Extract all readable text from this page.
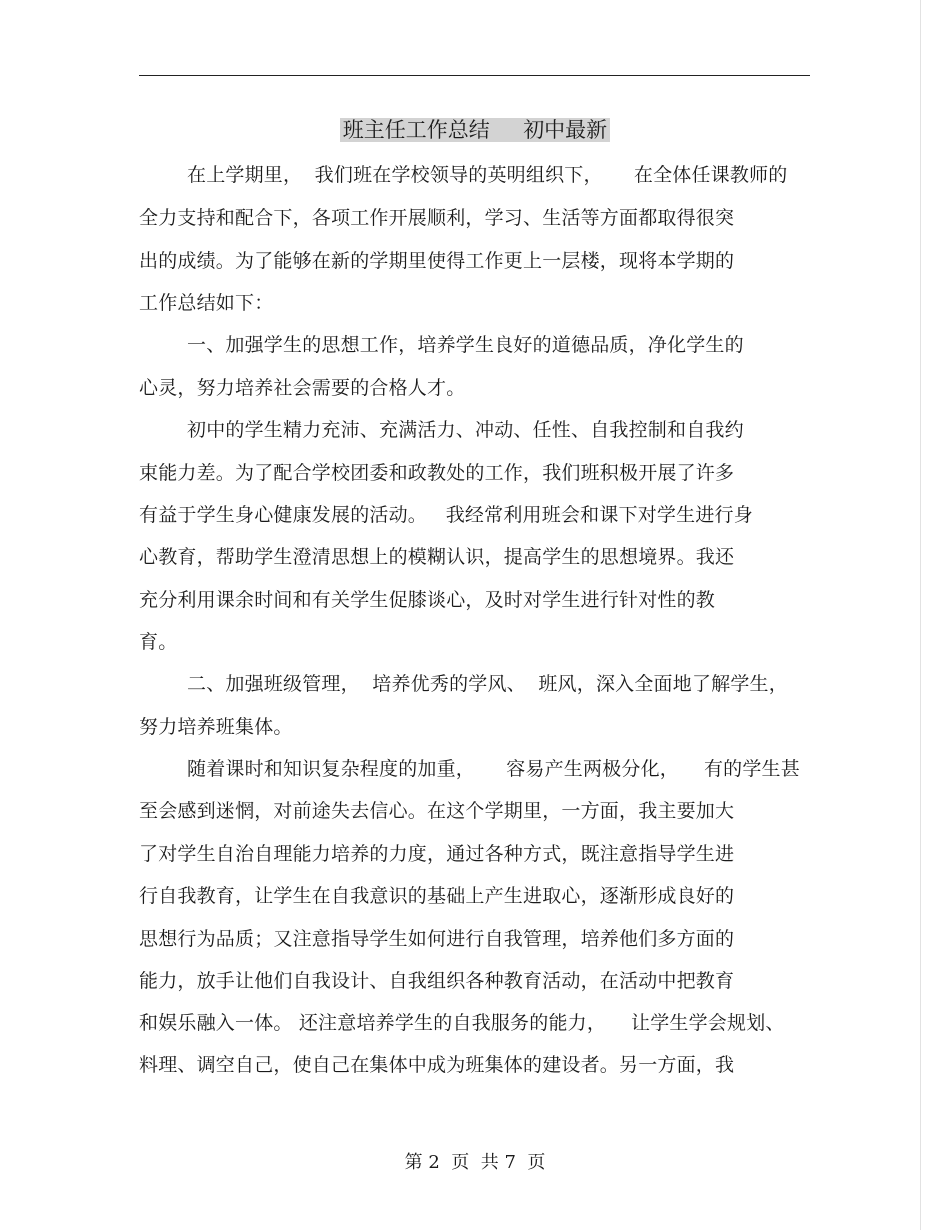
班主任工作总结 初中最新
在上学期里，  我们班在学校领导的英明组织下，     在全体任课教师的
全力支持和配合下，各项工作开展顺利，学习、生活等方面都取得很突
出的成绩。为了能够在新的学期里使得工作更上一层楼，现将本学期的
工作总结如下：
一、加强学生的思想工作，培养学生良好的道德品质，净化学生的
心灵，努力培养社会需要的合格人才。
初中的学生精力充沛、充满活力、冲动、任性、自我控制和自我约
束能力差。为了配合学校团委和政教处的工作，我们班积极开展了许多
有益于学生身心健康发展的活动。   我经常利用班会和课下对学生进行身
心教育，帮助学生澄清思想上的模糊认识，提高学生的思想境界。我还
充分利用课余时间和有关学生促膝谈心，及时对学生进行针对性的教
育。
二、加强班级管理，  培养优秀的学风、  班风，深入全面地了解学生，
努力培养班集体。
随着课时和知识复杂程度的加重，     容易产生两极分化，    有的学生甚
至会感到迷惘，对前途失去信心。在这个学期里，一方面，我主要加大
了对学生自治自理能力培养的力度，通过各种方式，既注意指导学生进
行自我教育，让学生在自我意识的基础上产生进取心，逐渐形成良好的
思想行为品质；又注意指导学生如何进行自我管理，培养他们多方面的
能力，放手让他们自我设计、自我组织各种教育活动，在活动中把教育
和娱乐融入一体。 还注意培养学生的自我服务的能力，    让学生学会规划、
料理、调空自己，使自己在集体中成为班集体的建设者。另一方面，我
第 2  页  共 7  页
